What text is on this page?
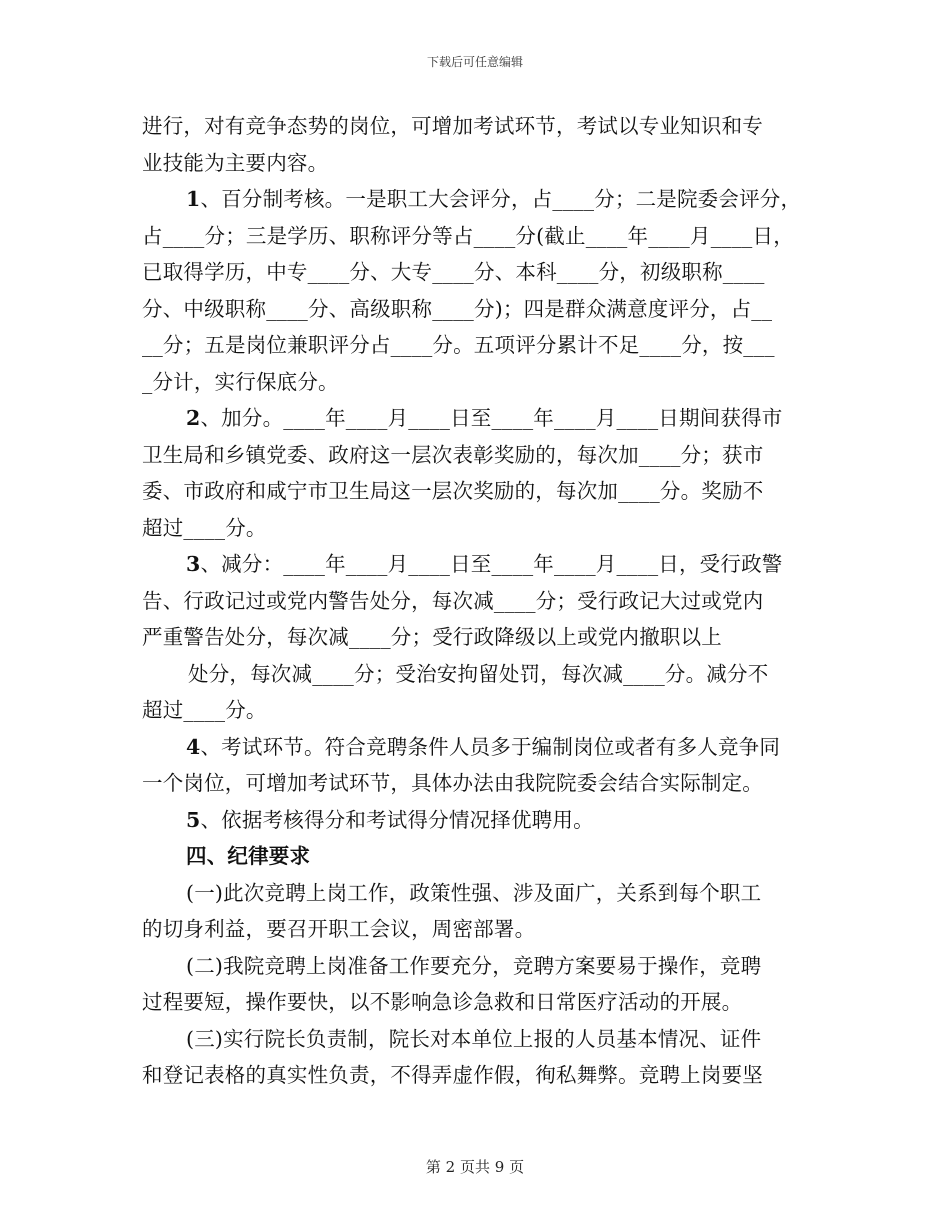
下载后可任意编辑
进行，对有竞争态势的岗位，可增加考试环节，考试以专业知识和专
业技能为主要内容。
1、百分制考核。一是职工大会评分，占____分；二是院委会评分，
占____分；三是学历、职称评分等占____分(截止____年____月____日，
已取得学历，中专____分、大专____分、本科____分，初级职称____
分、中级职称____分、高级职称____分)；四是群众满意度评分，占__
__分；五是岗位兼职评分占____分。五项评分累计不足____分，按___
_分计，实行保底分。
2、加分。____年____月____日至____年____月____日期间获得市
卫生局和乡镇党委、政府这一层次表彰奖励的，每次加____分；获市
委、市政府和咸宁市卫生局这一层次奖励的，每次加____分。奖励不
超过____分。
3、减分：____年____月____日至____年____月____日，受行政警
告、行政记过或党内警告处分，每次减____分；受行政记大过或党内
严重警告处分，每次减____分；受行政降级以上或党内撤职以上
处分，每次减____分；受治安拘留处罚，每次减____分。减分不
超过____分。
4、考试环节。符合竞聘条件人员多于编制岗位或者有多人竞争同
一个岗位，可增加考试环节，具体办法由我院院委会结合实际制定。
5、依据考核得分和考试得分情况择优聘用。
四、纪律要求
(一)此次竞聘上岗工作，政策性强、涉及面广，关系到每个职工
的切身利益，要召开职工会议，周密部署。
(二)我院竞聘上岗准备工作要充分，竞聘方案要易于操作，竞聘
过程要短，操作要快，以不影响急诊急救和日常医疗活动的开展。
(三)实行院长负责制，院长对本单位上报的人员基本情况、证件
和登记表格的真实性负责，不得弄虚作假，徇私舞弊。竞聘上岗要坚
第 2 页共 9 页
